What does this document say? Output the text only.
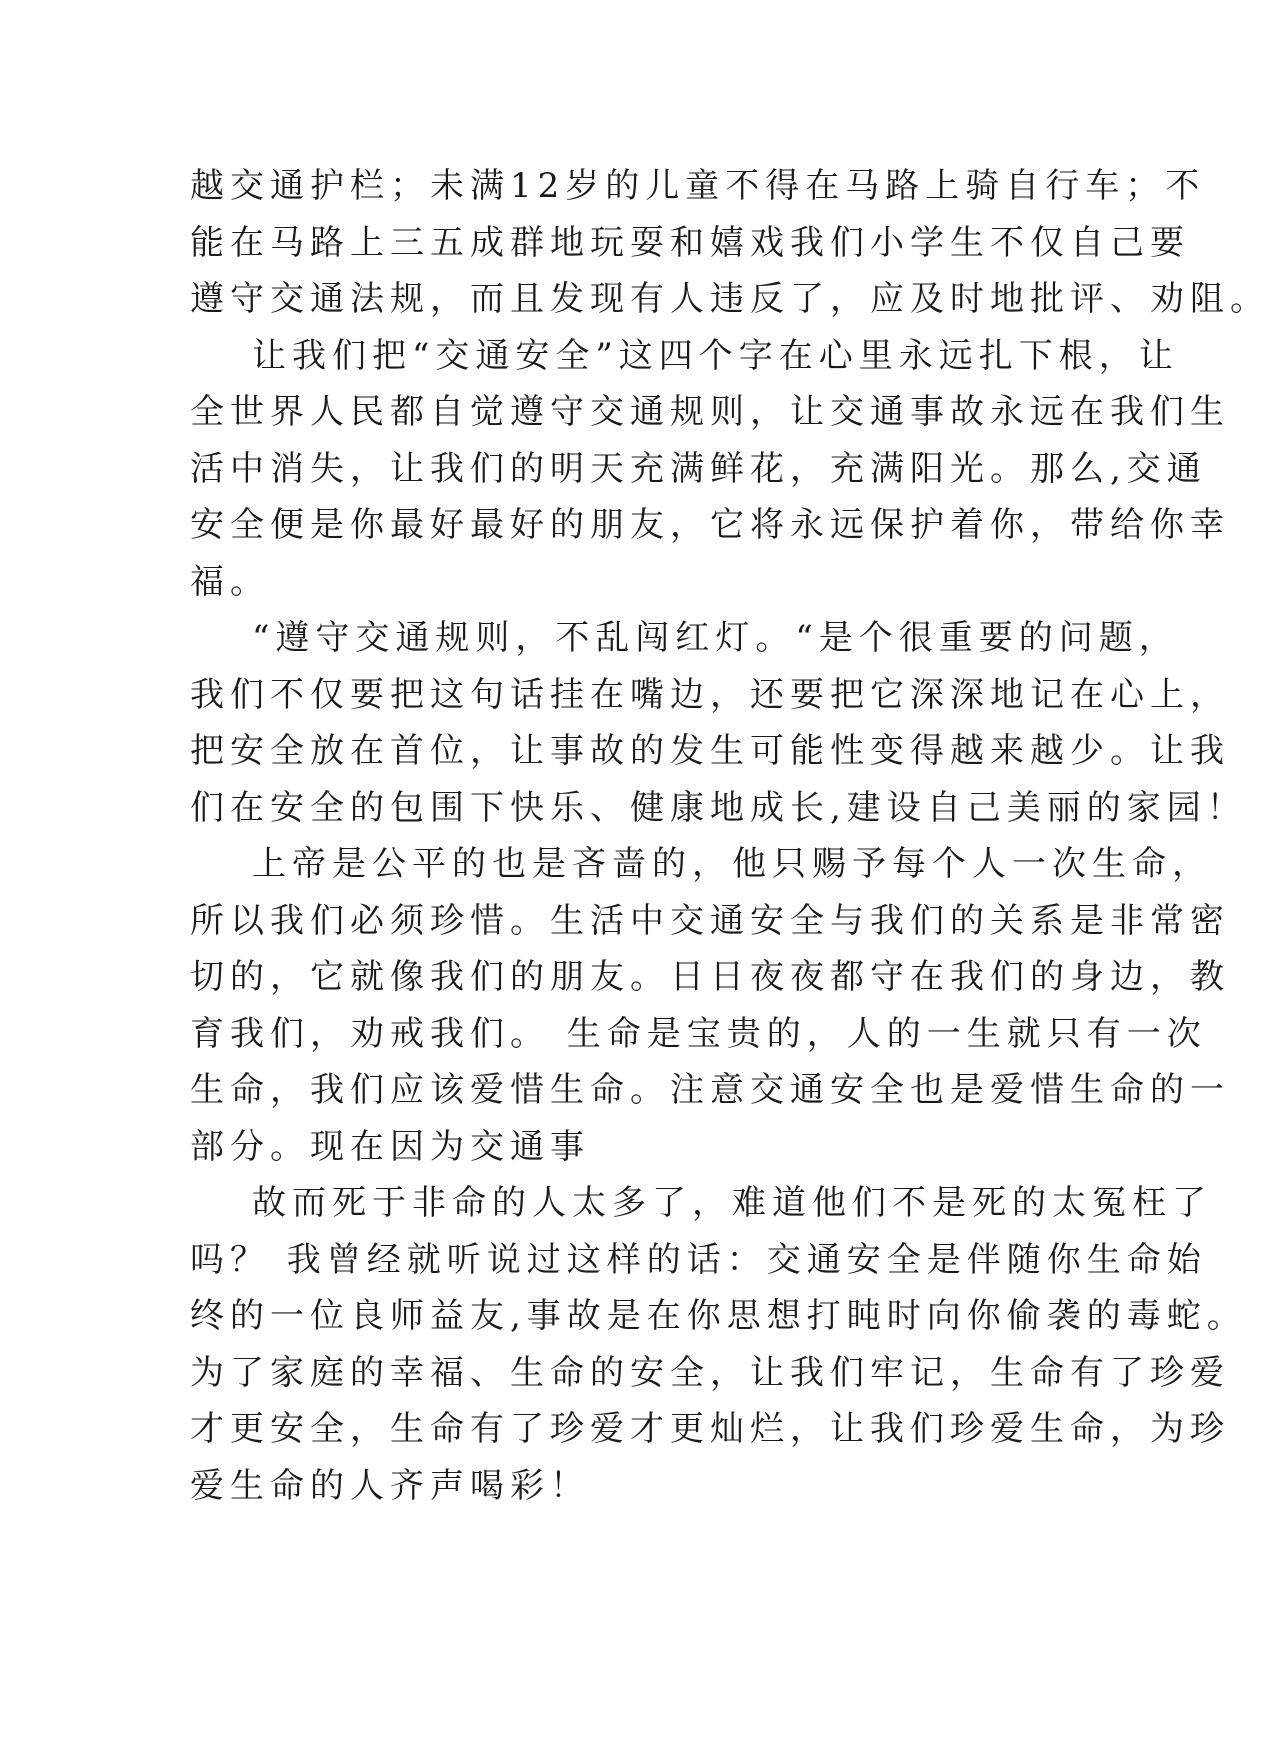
越交通护栏；未满12岁的儿童不得在马路上骑自行车；不
能在马路上三五成群地玩耍和嬉戏我们小学生不仅自己要
遵守交通法规，而且发现有人违反了，应及时地批评、劝阻。
让我们把“交通安全”这四个字在心里永远扎下根，让
全世界人民都自觉遵守交通规则，让交通事故永远在我们生
活中消失，让我们的明天充满鲜花，充满阳光。那么,交通
安全便是你最好最好的朋友，它将永远保护着你，带给你幸
福。
“遵守交通规则，不乱闯红灯。“是个很重要的问题，
我们不仅要把这句话挂在嘴边，还要把它深深地记在心上，
把安全放在首位，让事故的发生可能性变得越来越少。让我
们在安全的包围下快乐、健康地成长,建设自己美丽的家园！
上帝是公平的也是吝啬的，他只赐予每个人一次生命，
所以我们必须珍惜。生活中交通安全与我们的关系是非常密
切的，它就像我们的朋友。日日夜夜都守在我们的身边，教
育我们，劝戒我们。 生命是宝贵的，人的一生就只有一次
生命，我们应该爱惜生命。注意交通安全也是爱惜生命的一
部分。现在因为交通事
故而死于非命的人太多了，难道他们不是死的太冤枉了
吗？ 我曾经就听说过这样的话：交通安全是伴随你生命始
终的一位良师益友,事故是在你思想打盹时向你偷袭的毒蛇。
为了家庭的幸福、生命的安全，让我们牢记，生命有了珍爱
才更安全，生命有了珍爱才更灿烂，让我们珍爱生命，为珍
爱生命的人齐声喝彩！
